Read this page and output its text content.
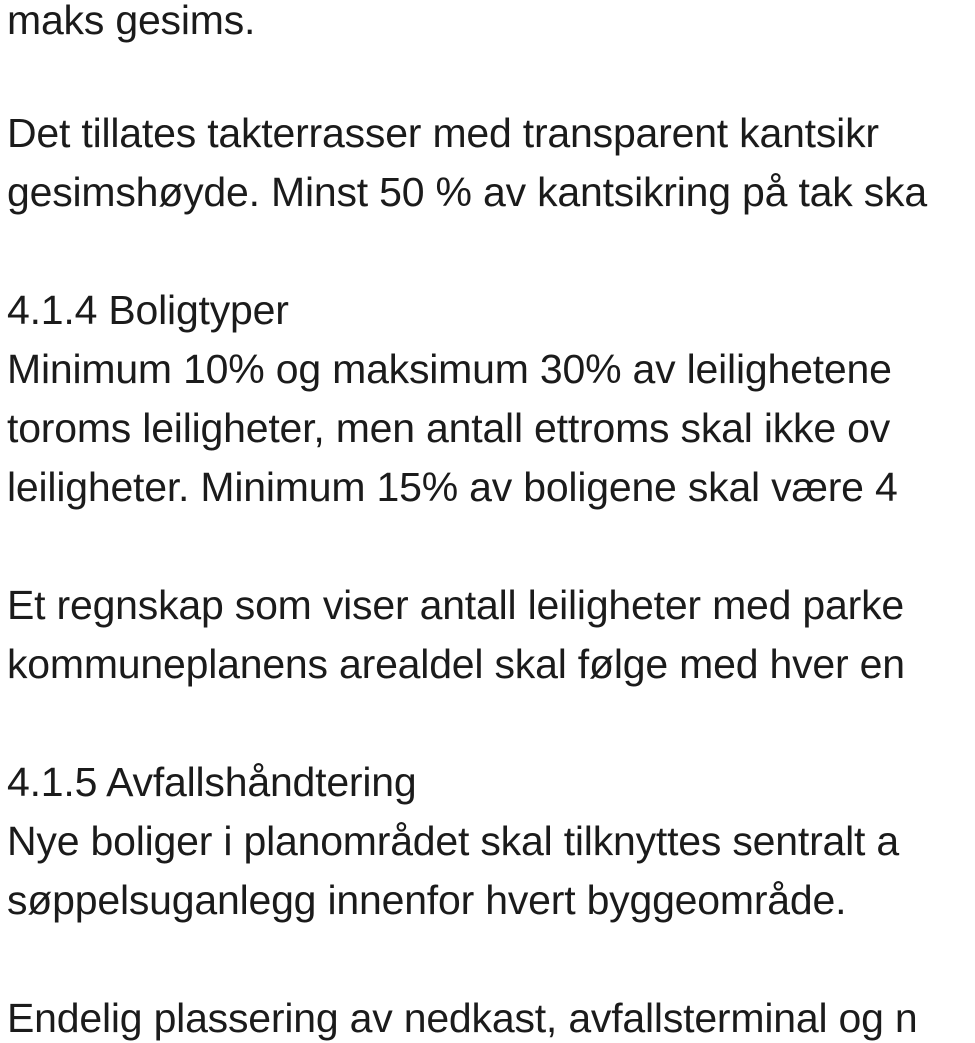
maks gesims.
Det tillates takterrasser med transparent kantsikr
gesimshøyde. Minst 50 % av kantsikring på tak ska
4.1.4 Boligtyper
Minimum 10% og maksimum 30% av leilighetene
toroms leiligheter, men antall ettroms skal ikke ov
leiligheter. Minimum 15% av boligene skal være 4
Et regnskap som viser antall leiligheter med parke
kommuneplanens arealdel skal følge med hver en
4.1.5 Avfallshåndtering
Nye boliger i planområdet skal tilknyttes sentralt a
søppelsuganlegg innenfor hvert byggeområde.
Endelig plassering av nedkast, avfallsterminal og n
